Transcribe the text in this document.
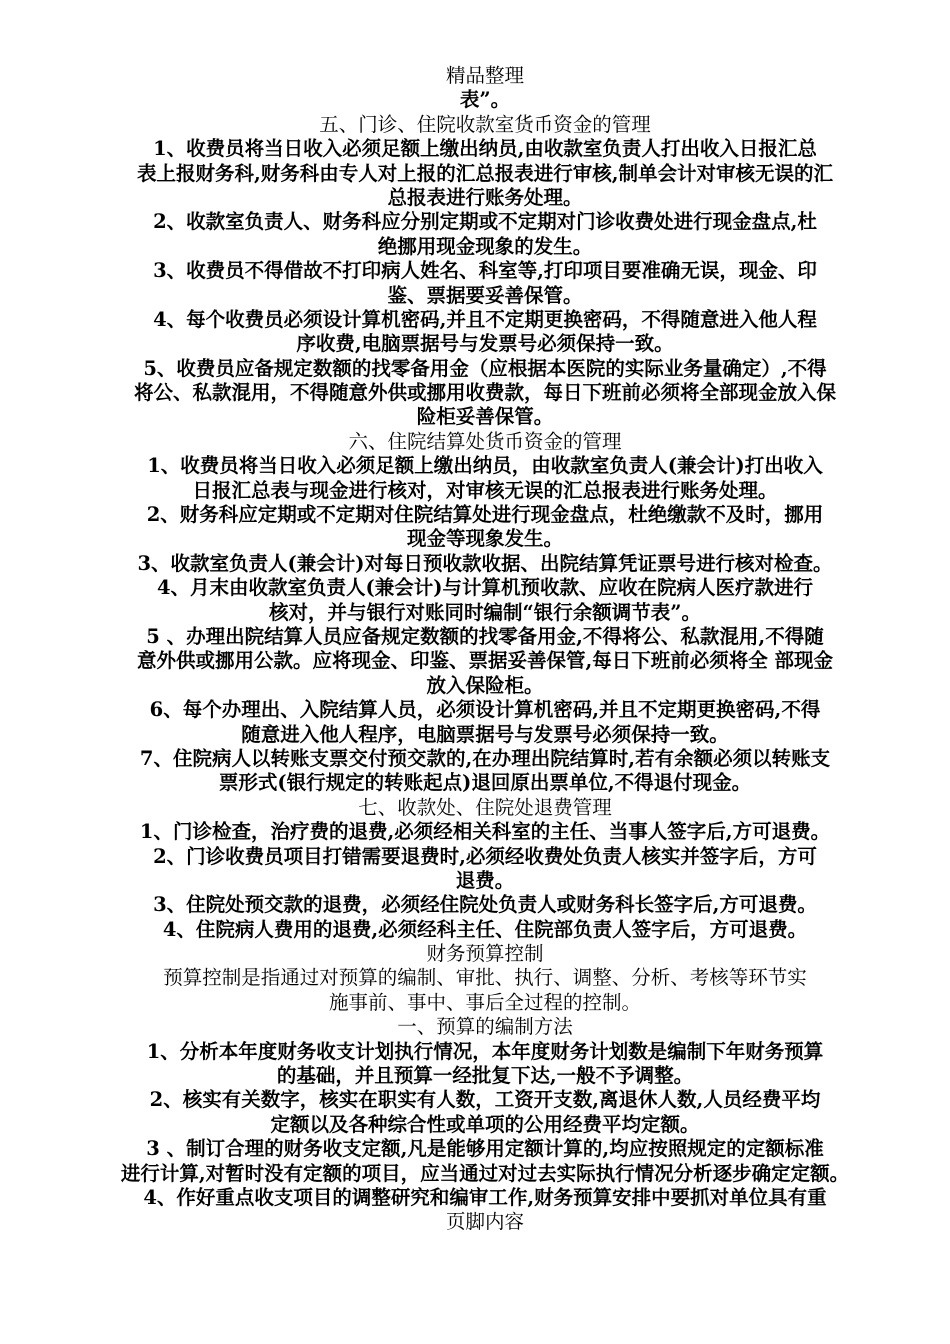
精品整理
表”。
五、门诊、住院收款室货币资金的管理
1、收费员将当日收入必须足额上缴出纳员,由收款室负责人打出收入日报汇总
表上报财务科,财务科由专人对上报的汇总报表进行审核,制单会计对审核无误的汇
总报表进行账务处理。
2、收款室负责人、财务科应分别定期或不定期对门诊收费处进行现金盘点,杜
绝挪用现金现象的发生。
3、收费员不得借故不打印病人姓名、科室等,打印项目要准确无误，现金、印
鉴、票据要妥善保管。
4、每个收费员必须设计算机密码,并且不定期更换密码，不得随意进入他人程
序收费,电脑票据号与发票号必须保持一致。
5、收费员应备规定数额的找零备用金（应根据本医院的实际业务量确定）,不得
将公、私款混用，不得随意外供或挪用收费款，每日下班前必须将全部现金放入保
险柜妥善保管。
六、住院结算处货币资金的管理
1、收费员将当日收入必须足额上缴出纳员，由收款室负责人(兼会计)打出收入
日报汇总表与现金进行核对，对审核无误的汇总报表进行账务处理。
2、财务科应定期或不定期对住院结算处进行现金盘点，杜绝缴款不及时，挪用
现金等现象发生。
3、收款室负责人(兼会计)对每日预收款收据、出院结算凭证票号进行核对检查。
4、月末由收款室负责人(兼会计)与计算机预收款、应收在院病人医疗款进行
核对，并与银行对账同时编制“银行余额调节表”。
5 、办理出院结算人员应备规定数额的找零备用金,不得将公、私款混用,不得随
意外供或挪用公款。应将现金、印鉴、票据妥善保管,每日下班前必须将全 部现金
放入保险柜。
6、每个办理出、入院结算人员，必须设计算机密码,并且不定期更换密码,不得
随意进入他人程序，电脑票据号与发票号必须保持一致。
7、住院病人以转账支票交付预交款的,在办理出院结算时,若有余额必须以转账支
票形式(银行规定的转账起点)退回原出票单位,不得退付现金。
七、收款处、住院处退费管理
1、门诊检查，治疗费的退费,必须经相关科室的主任、当事人签字后,方可退费。
2、门诊收费员项目打错需要退费时,必须经收费处负责人核实并签字后，方可
退费。
3、住院处预交款的退费，必须经住院处负责人或财务科长签字后,方可退费。
4、住院病人费用的退费,必须经科主任、住院部负责人签字后，方可退费。
财务预算控制
预算控制是指通过对预算的编制、审批、执行、调整、分析、考核等环节实
施事前、事中、事后全过程的控制。
一、预算的编制方法
1、分析本年度财务收支计划执行情况，本年度财务计划数是编制下年财务预算
的基础，并且预算一经批复下达,一般不予调整。
2、核实有关数字，核实在职实有人数，工资开支数,离退休人数,人员经费平均
定额以及各种综合性或单项的公用经费平均定额。
3 、制订合理的财务收支定额,凡是能够用定额计算的,均应按照规定的定额标准
进行计算,对暂时没有定额的项目，应当通过对过去实际执行情况分析逐步确定定额。
4、作好重点收支项目的调整研究和编审工作,财务预算安排中要抓对单位具有重
页脚内容
